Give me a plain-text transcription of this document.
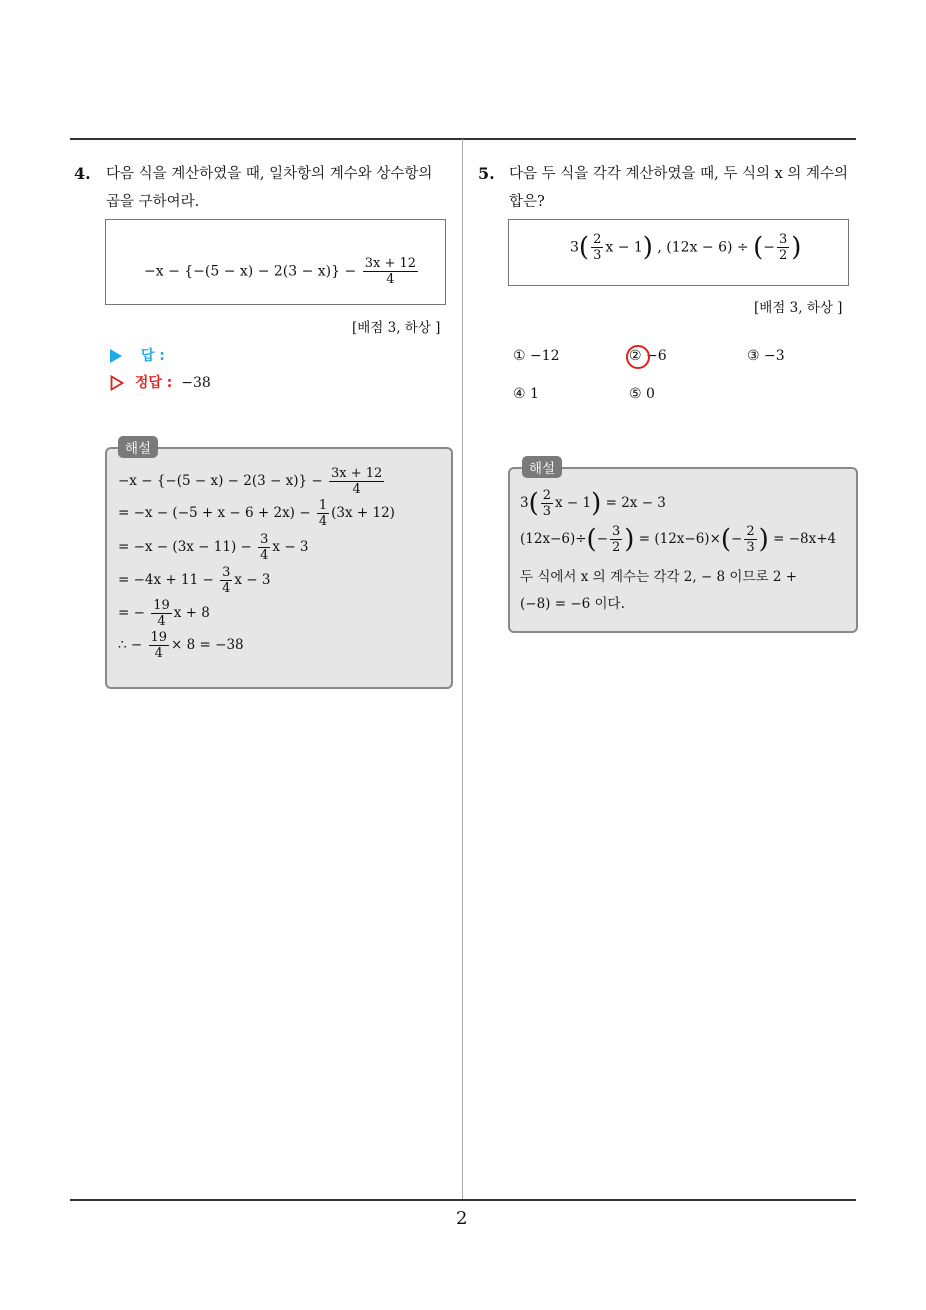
2
4. 다음 식을 계산하였을 때, 일차항의 계수와 상수항의
곱을 구하여라.
$-x - \{-(5 - x) - 2(3 - x)\} - \frac{3x + 12}{4}$
[배점 3, 하상 ]
답 :
정답 : −38
해설
$-x - \{-(5 - x) - 2(3 - x)\} - \frac{3x + 12}{4}$
= $-x - (-5 + x - 6 + 2x) - \frac{1}{4} (3x + 12)$
= $-x - (3x - 11) - \frac{3}{4}$ x − 3
= $-4x + 11 - \frac{3}{4}$ x − 3
= − $\frac{19}{4}$ x + 8
∴ − $\frac{19}{4} \times 8 = -38$
5. 다음 두 식을 각각 계산하였을 때, 두 식의 x 의 계수의
합은?
$3( \frac{2}{3}$ x − 1) , (12x − 6) ÷ (− $\frac{3}{2}$ )
[배점 3, 하상 ]
① −12	② −6	③ −3
④ 1	⑤ 0
해설
$3( \frac{2}{3}$ x − 1) = 2x − 3
$(12x-6)\div(- \frac{3}{2}$ ) = $(12x-6)\times(- \frac{2}{3}$ ) = −8x+4
두 식에서 x 의 계수는 각각 2, − 8 이므로 2 +
(−8) = −6 이다.
